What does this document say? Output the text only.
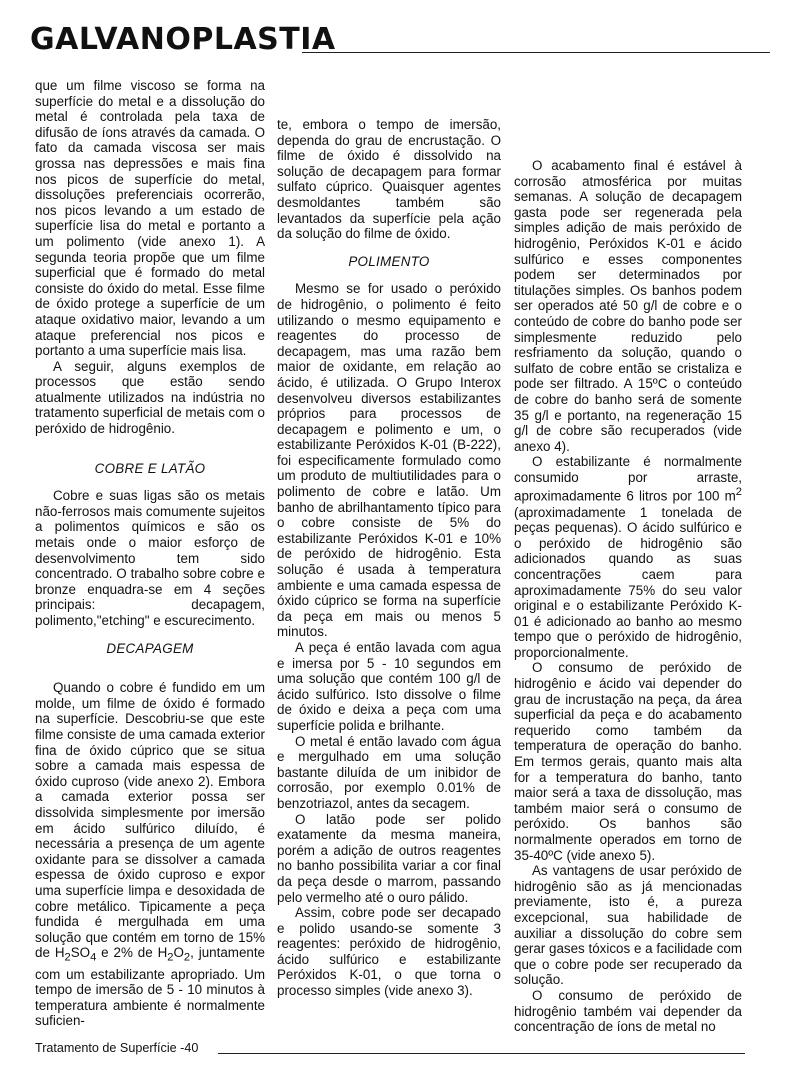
GALVANOPLASTIA

que um filme viscoso se forma na superfície do metal e a dissolução do metal é controlada pela taxa de difusão de íons através da camada. O fato da camada viscosa ser mais grossa nas depressões e mais fina nos picos de superfície do metal, dissoluções preferenciais ocorrerão, nos picos levando a um estado de superfície lisa do metal e portanto a um polimento (vide anexo 1). A segunda teoria propõe que um filme superficial que é formado do metal consiste do óxido do metal. Esse filme de óxido protege a superfície de um ataque oxidativo maior, levando a um ataque preferencial nos picos e portanto a uma superfície mais lisa.

A seguir, alguns exemplos de processos que estão sendo atualmente utilizados na indústria no tratamento superficial de metais com o peróxido de hidrogênio.

COBRE E LATÃO

Cobre e suas ligas são os metais não-ferrosos mais comumente sujeitos a polimentos químicos e são os metais onde o maior esforço de desenvolvimento tem sido concentrado. O trabalho sobre cobre e bronze enquadra-se em 4 seções principais: decapagem, polimento,"etching" e escurecimento.

DECAPAGEM

Quando o cobre é fundido em um molde, um filme de óxido é formado na superfície. Descobriu-se que este filme consiste de uma camada exterior fina de óxido cúprico que se situa sobre a camada mais espessa de óxido cuproso (vide anexo 2). Embora a camada exterior possa ser dissolvida simplesmente por imersão em ácido sulfúrico diluído, é necessária a presença de um agente oxidante para se dissolver a camada espessa de óxido cuproso e expor uma superfície limpa e desoxidada de cobre metálico. Tipicamente a peça fundida é mergulhada em uma solução que contém em torno de 15% de $H_2SO_4$ e 2% de $H_2O_2$, juntamente com um estabilizante apropriado. Um tempo de imersão de 5 - 10 minutos à temperatura ambiente é normalmente suficien-

te, embora o tempo de imersão, dependa do grau de encrustação. O filme de óxido é dissolvido na solução de decapagem para formar sulfato cúprico. Quaisquer agentes desmoldantes também são levantados da superfície pela ação da solução do filme de óxido.

POLIMENTO

Mesmo se for usado o peróxido de hidrogênio, o polimento é feito utilizando o mesmo equipamento e reagentes do processo de decapagem, mas uma razão bem maior de oxidante, em relação ao ácido, é utilizada. O Grupo Interox desenvolveu diversos estabilizantes próprios para processos de decapagem e polimento e um, o estabilizante Peróxidos K-01 (B-222), foi especificamente formulado como um produto de multiutilidades para o polimento de cobre e latão. Um banho de abrilhantamento típico para o cobre consiste de 5% do estabilizante Peróxidos K-01 e 10% de peróxido de hidrogênio. Esta solução é usada à temperatura ambiente e uma camada espessa de óxido cúprico se forma na superfície da peça em mais ou menos 5 minutos.

A peça é então lavada com agua e imersa por 5 - 10 segundos em uma solução que contém 100 g/l de ácido sulfúrico. Isto dissolve o filme de óxido e deixa a peça com uma superfície polida e brilhante.

O metal é então lavado com água e mergulhado em uma solução bastante diluída de um inibidor de corrosão, por exemplo 0.01% de benzotriazol, antes da secagem.

O latão pode ser polido exatamente da mesma maneira, porém a adição de outros reagentes no banho possibilita variar a cor final da peça desde o marrom, passando pelo vermelho até o ouro pálido.

Assim, cobre pode ser decapado e polido usando-se somente 3 reagentes: peróxido de hidrogênio, ácido sulfúrico e estabilizante Peróxidos K-01, o que torna o processo simples (vide anexo 3).

O acabamento final é estável à corrosão atmosférica por muitas semanas. A solução de decapagem gasta pode ser regenerada pela simples adição de mais peróxido de hidrogênio, Peróxidos K-01 e ácido sulfúrico e esses componentes podem ser determinados por titulações simples. Os banhos podem ser operados até 50 g/l de cobre e o conteúdo de cobre do banho pode ser simplesmente reduzido pelo resfriamento da solução, quando o sulfato de cobre então se cristaliza e pode ser filtrado. A 15ºC o conteúdo de cobre do banho será de somente 35 g/l e portanto, na regeneração 15 g/l de cobre são recuperados (vide anexo 4).

O estabilizante é normalmente consumido por arraste, aproximadamente 6 litros por 100 $m^2$ (aproximadamente 1 tonelada de peças pequenas). O ácido sulfúrico e o peróxido de hidrogênio são adicionados quando as suas concentrações caem para aproximadamente 75% do seu valor original e o estabilizante Peróxido K-01 é adicionado ao banho ao mesmo tempo que o peróxido de hidrogênio, proporcionalmente.

O consumo de peróxido de hidrogênio e ácido vai depender do grau de incrustação na peça, da área superficial da peça e do acabamento requerido como também da temperatura de operação do banho. Em termos gerais, quanto mais alta for a temperatura do banho, tanto maior será a taxa de dissolução, mas também maior será o consumo de peróxido. Os banhos são normalmente operados em torno de 35-40ºC (vide anexo 5).

As vantagens de usar peróxido de hidrogênio são as já mencionadas previamente, isto é, a pureza excepcional, sua habilidade de auxiliar a dissolução do cobre sem gerar gases tóxicos e a facilidade com que o cobre pode ser recuperado da solução.

O consumo de peróxido de hidrogênio também vai depender da concentração de íons de metal no

Tratamento de Superfície -40
